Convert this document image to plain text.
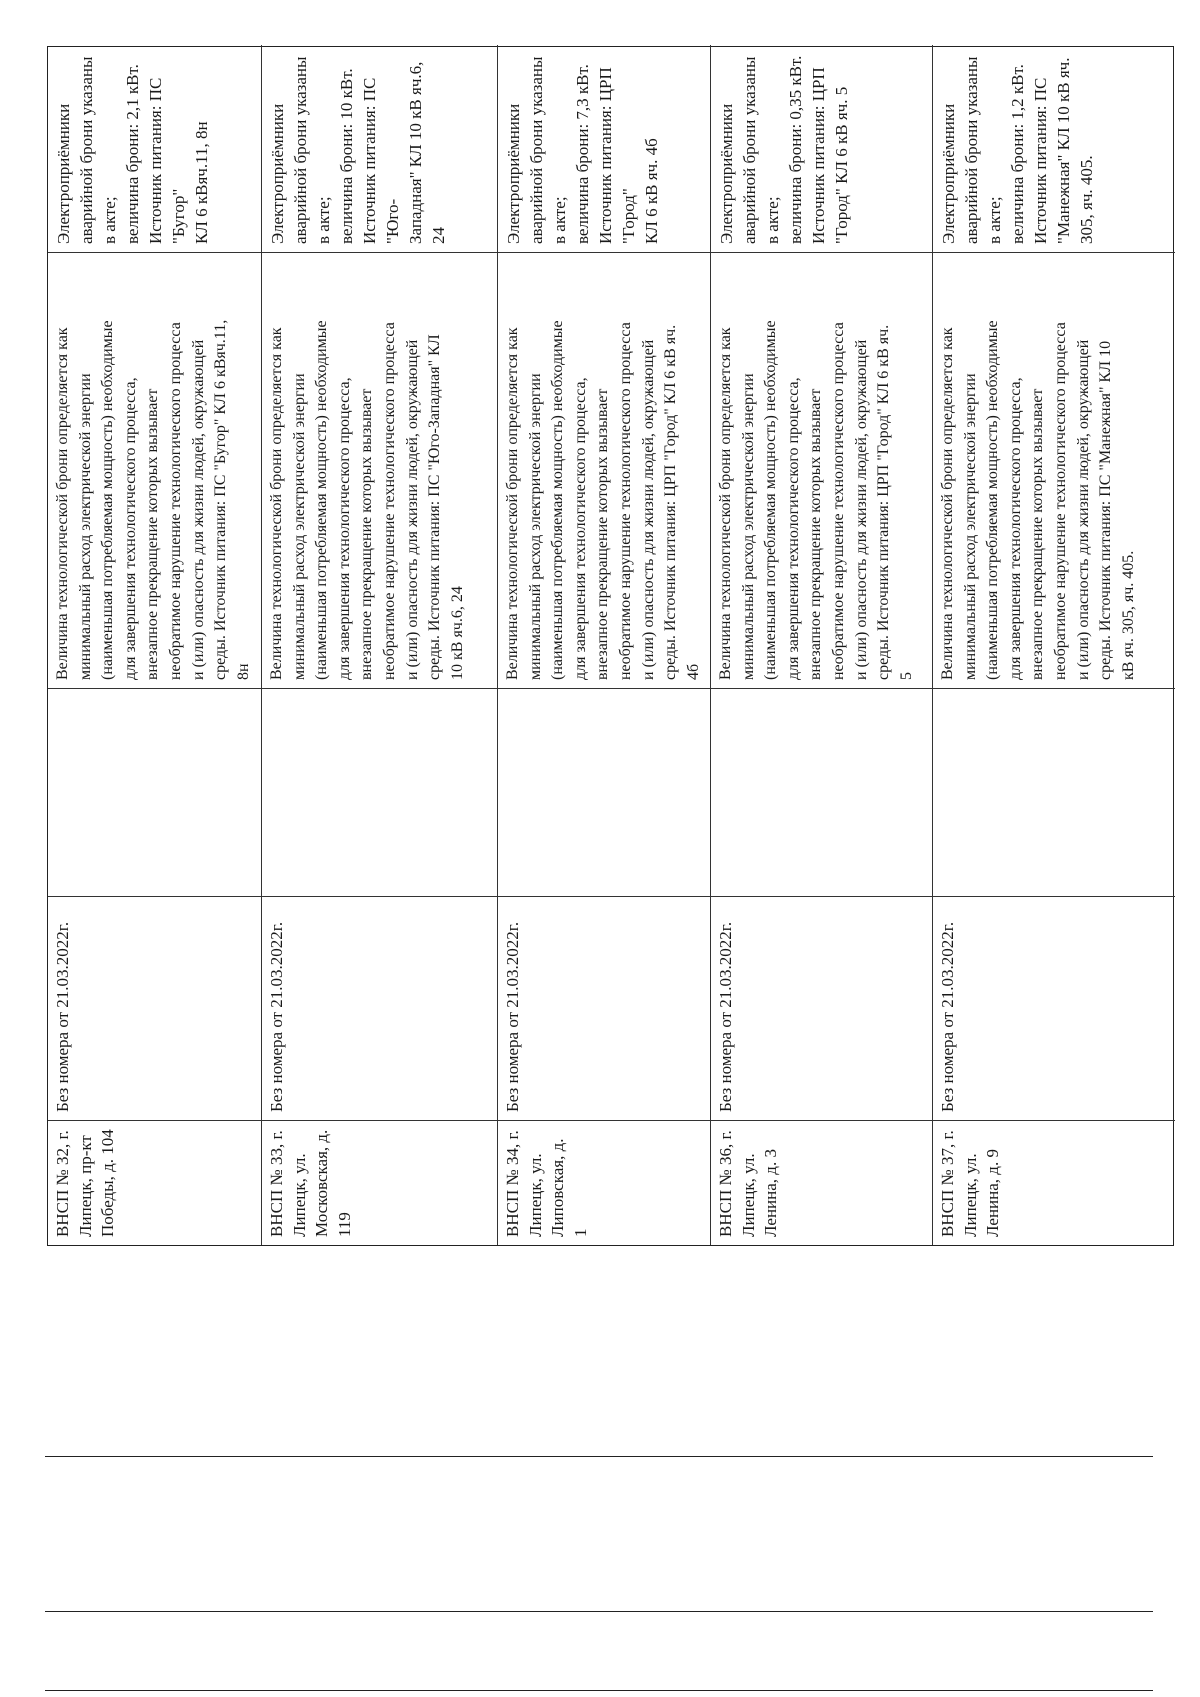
ВНСП № 32, г. Липецк, пр-кт Победы, д. 104
Без номера от 21.03.2022г.
Величина технологической брони определяется как
минимальный расход электрической энергии
(наименьшая потребляемая мощность) необходимые
для завершения технологического процесса,
внезапное прекращение которых вызывает
необратимое нарушение технологического процесса
и (или) опасность для жизни людей, окружающей
среды. Источник питания: ПС "Бугор" КЛ 6 кВяч.11,
8н
Электроприёмники аварийной брони указаны в акте;
величина брони: 2,1 кВт. Источник питания: ПС "Бугор"
КЛ 6 кВяч.11, 8н
ВНСП № 33, г. Липецк, ул. Московская, д. 119
Без номера от 21.03.2022г.
Величина технологической брони определяется как
минимальный расход электрической энергии
(наименьшая потребляемая мощность) необходимые
для завершения технологического процесса,
внезапное прекращение которых вызывает
необратимое нарушение технологического процесса
и (или) опасность для жизни людей, окружающей
среды. Источник питания: ПС "Юго-Западная" КЛ
10 кВ яч.6, 24
Электроприёмники аварийной брони указаны в акте;
величина брони: 10 кВт. Источник питания: ПС "Юго-
Западная" КЛ 10 кВ яч.6, 24
ВНСП № 34, г. Липецк, ул. Липовская, д. 1
Без номера от 21.03.2022г.
Величина технологической брони определяется как
минимальный расход электрической энергии
(наименьшая потребляемая мощность) необходимые
для завершения технологического процесса,
внезапное прекращение которых вызывает
необратимое нарушение технологического процесса
и (или) опасность для жизни людей, окружающей
среды. Источник питания: ЦРП "Город" КЛ 6 кВ яч.
4б
Электроприёмники аварийной брони указаны в акте;
величина брони: 7,3 кВт. Источник питания: ЦРП "Город"
КЛ 6 кВ яч. 4б
ВНСП № 36, г. Липецк, ул. Ленина, д. 3
Без номера от 21.03.2022г.
Величина технологической брони определяется как
минимальный расход электрической энергии
(наименьшая потребляемая мощность) необходимые
для завершения технологического процесса,
внезапное прекращение которых вызывает
необратимое нарушение технологического процесса
и (или) опасность для жизни людей, окружающей
среды. Источник питания: ЦРП "Город" КЛ 6 кВ яч.
5
Электроприёмники аварийной брони указаны в акте;
величина брони: 0,35 кВт. Источник питания: ЦРП
"Город" КЛ 6 кВ яч. 5
ВНСП № 37, г. Липецк, ул. Ленина, д. 9
Без номера от 21.03.2022г.
Величина технологической брони определяется как
минимальный расход электрической энергии
(наименьшая потребляемая мощность) необходимые
для завершения технологического процесса,
внезапное прекращение которых вызывает
необратимое нарушение технологического процесса
и (или) опасность для жизни людей, окружающей
среды. Источник питания: ПС "Манежная" КЛ 10
кВ яч. 305, яч. 405.
Электроприёмники аварийной брони указаны в акте;
величина брони: 1,2 кВт. Источник питания: ПС
"Манежная" КЛ 10 кВ яч. 305, яч. 405.
